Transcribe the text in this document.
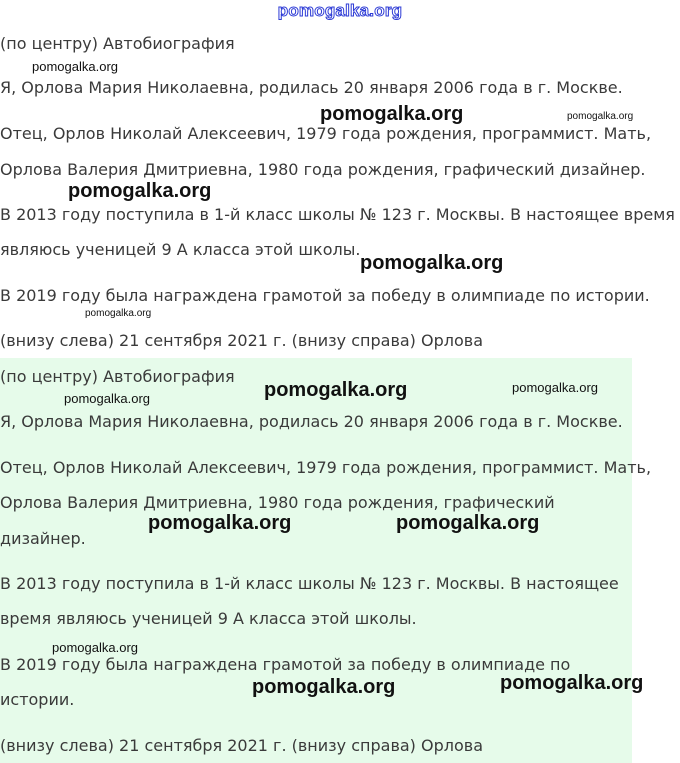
pomogalka.org
(по центру) Автобиография
Я, Орлова Мария Николаевна, родилась 20 января 2006 года в г. Москве.
Отец, Орлов Николай Алексеевич, 1979 года рождения, программист. Мать,
Орлова Валерия Дмитриевна, 1980 года рождения, графический дизайнер.
В 2013 году поступила в 1-й класс школы № 123 г. Москвы. В настоящее время
являюсь ученицей 9 А класса этой школы.
В 2019 году была награждена грамотой за победу в олимпиаде по истории.
(внизу слева) 21 сентября 2021 г. (внизу справа) Орлова
(по центру) Автобиография
Я, Орлова Мария Николаевна, родилась 20 января 2006 года в г. Москве.
Отец, Орлов Николай Алексеевич, 1979 года рождения, программист. Мать,
Орлова Валерия Дмитриевна, 1980 года рождения, графический
дизайнер.
В 2013 году поступила в 1-й класс школы № 123 г. Москвы. В настоящее
время являюсь ученицей 9 А класса этой школы.
В 2019 году была награждена грамотой за победу в олимпиаде по
истории.
(внизу слева) 21 сентября 2021 г. (внизу справа) Орлова
pomogalka.org
pomogalka.org	pomogalka.org
pomogalka.org
pomogalka.org
pomogalka.org
pomogalka.org	pomogalka.org
pomogalka.org
pomogalka.org	pomogalka.org
pomogalka.org
pomogalka.org	pomogalka.org
